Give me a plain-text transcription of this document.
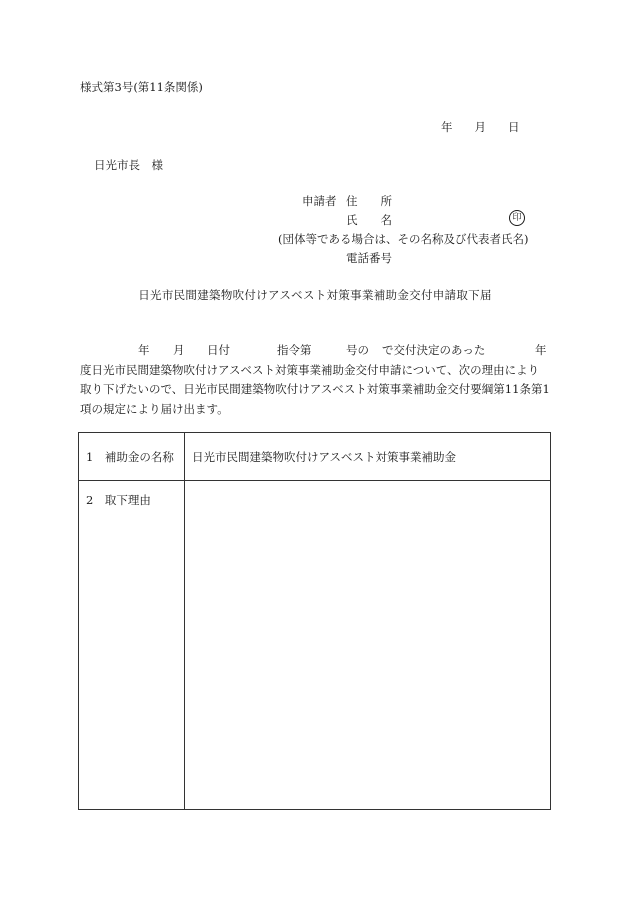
様式第3号(第11条関係)
年 月 日
日光市長　様
申請者 住　　所
氏　　名	印
(団体等である場合は、その名称及び代表者氏名)
電話番号
日光市民間建築物吹付けアスベスト対策事業補助金交付申請取下届
年 月 日付	指令第	号の で交付決定のあった	年
度日光市民間建築物吹付けアスベスト対策事業補助金交付申請について、次の理由により
取り下げたいので、日光市民間建築物吹付けアスベスト対策事業補助金交付要綱第11条第1
項の規定により届け出ます。
1　補助金の名称 日光市民間建築物吹付けアスベスト対策事業補助金
2　取下理由
